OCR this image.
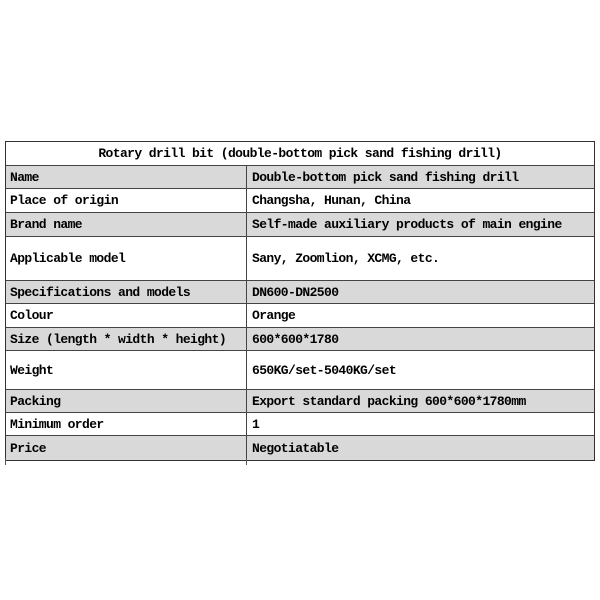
Rotary drill bit (double-bottom pick sand fishing drill)
Name	Double-bottom pick sand fishing drill
Place of origin	Changsha, Hunan, China
Brand name	Self-made auxiliary products of main engine
Applicable model	Sany, Zoomlion, XCMG, etc.
Specifications and models	DN600-DN2500
Colour	Orange
Size (length * width * height)	600*600*1780
Weight	650KG/set-5040KG/set
Packing	Export standard packing 600*600*1780mm
Minimum order	1
Price	Negotiatable
